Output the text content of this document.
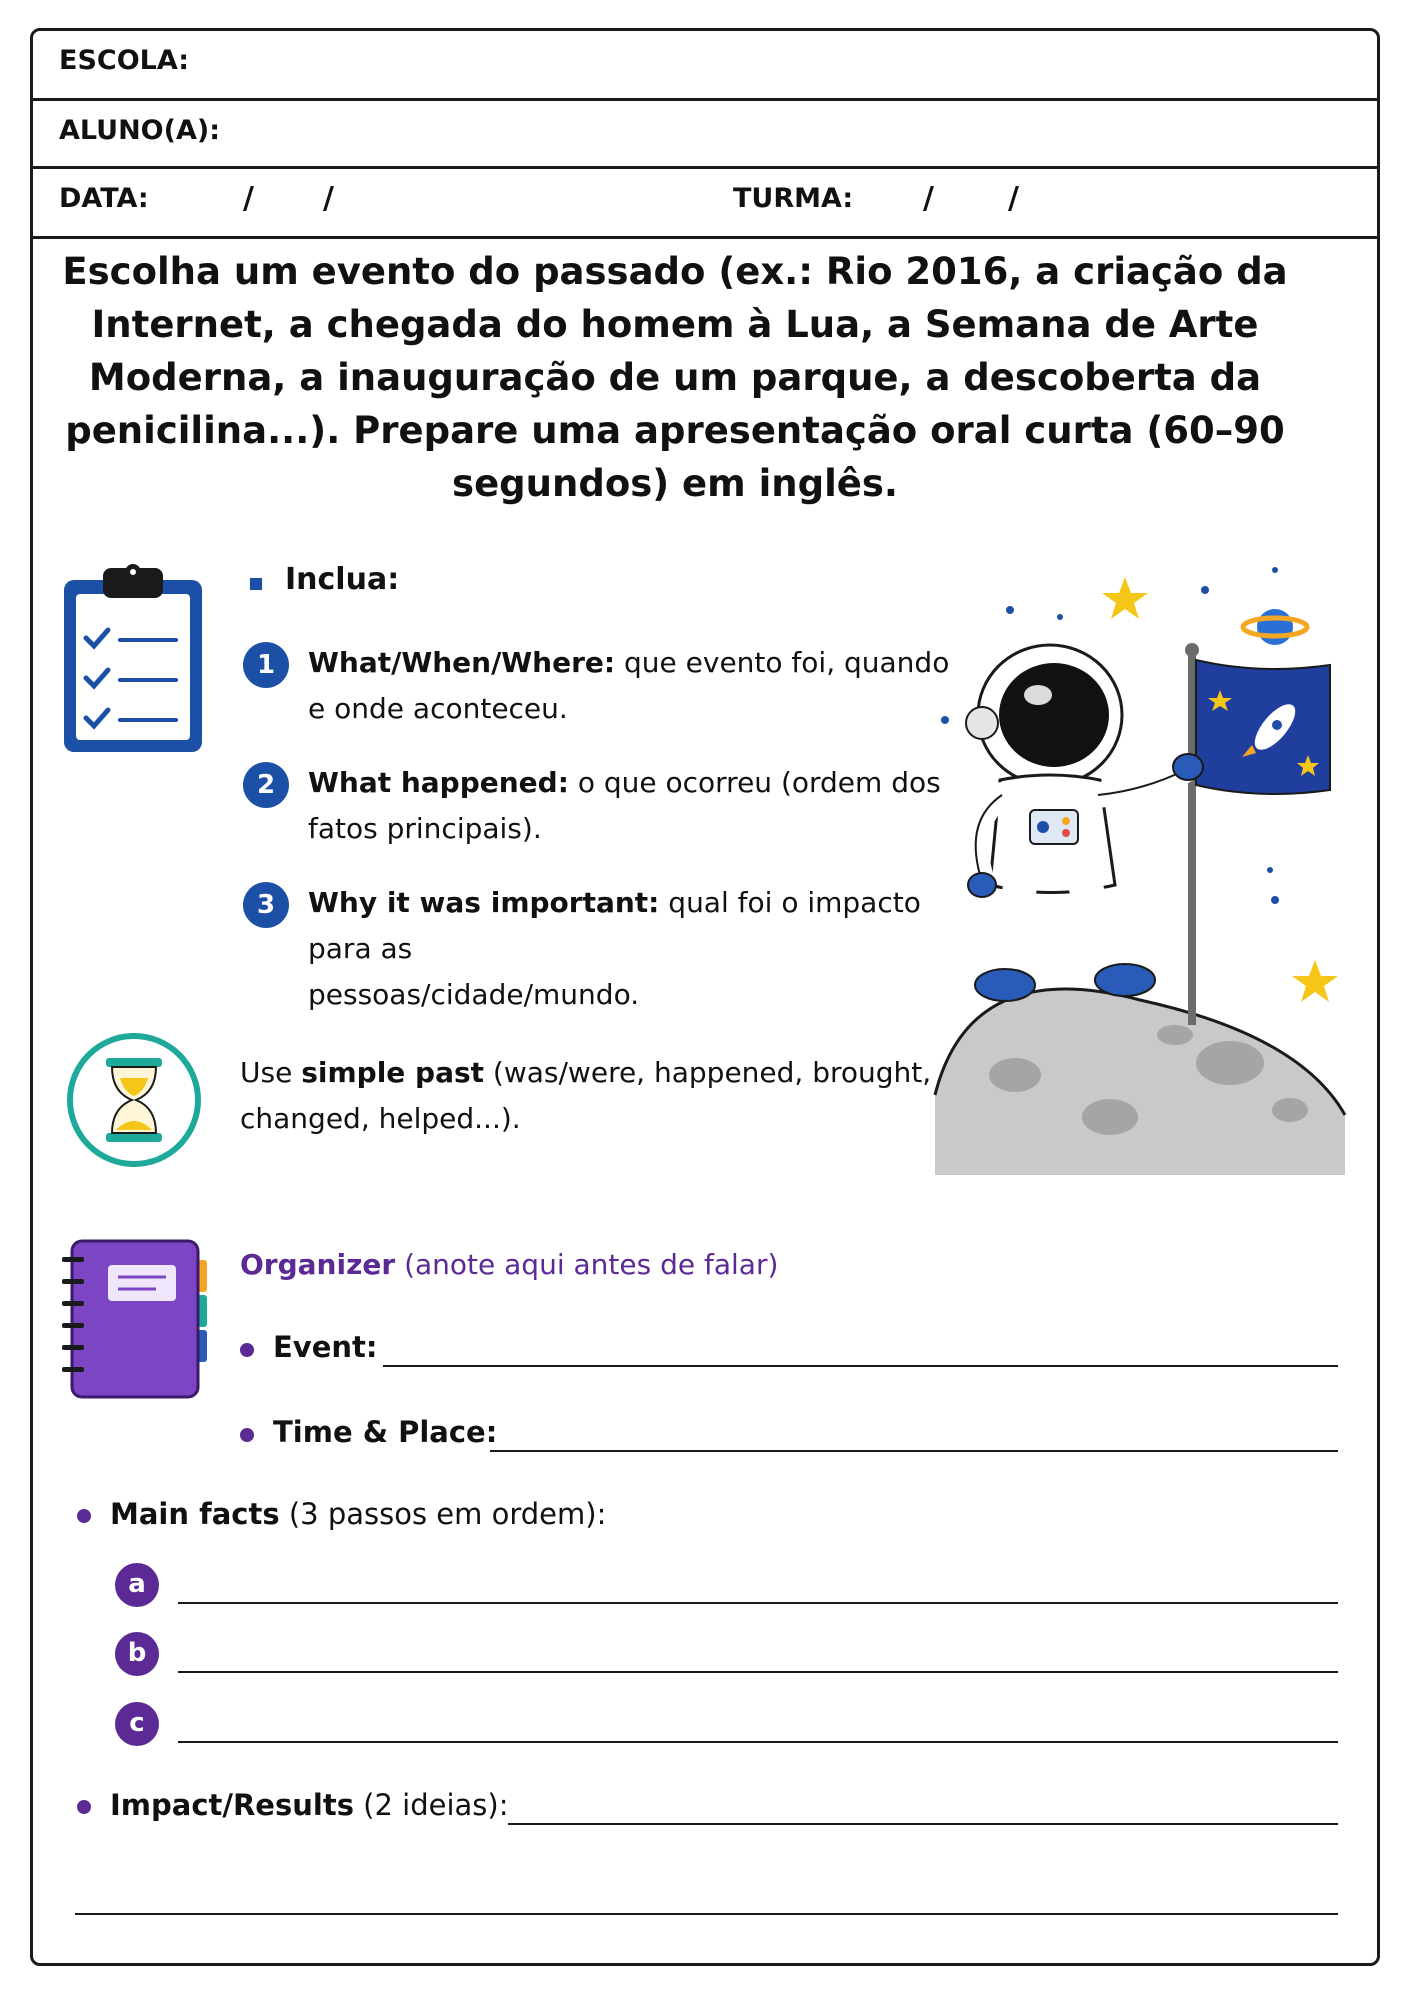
ESCOLA:
ALUNO(A):
DATA:	/ /	TURMA: / /
Escolha um evento do passado (ex.: Rio 2016, a criação da Internet, a chegada do homem à Lua, a Semana de Arte Moderna, a inauguração de um parque, a descoberta da penicilina...). Prepare uma apresentação oral curta (60–90 segundos) em inglês.
Inclua:
1	What/When/Where: que evento foi, quando
e onde aconteceu.
2	What happened: o que ocorreu (ordem dos
fatos principais).
3	Why it was important: qual foi o impacto para as
pessoas/cidade/mundo.
Use simple past (was/were, happened, brought,
changed, helped...).
Organizer (anote aqui antes de falar)
Event:
Time & Place:
Main facts (3 passos em ordem):
a
b
c
Impact/Results (2 ideias):
